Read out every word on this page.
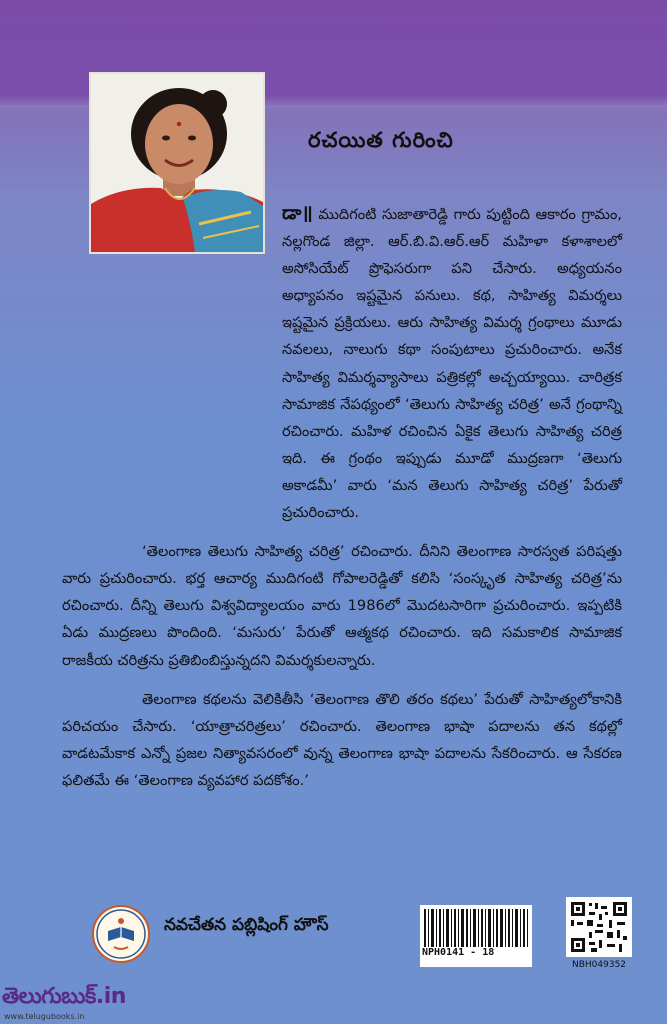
రచయిత గురించి

డా॥ ముదిగంటి సుజాతారెడ్డి గారు పుట్టింది ఆకారం గ్రామం, నల్లగొండ జిల్లా. ఆర్.బి.వి.ఆర్.ఆర్ మహిళా కళాశాలలో అసోసియేట్ ప్రొఫెసరుగా పని చేసారు. అధ్యయనం అధ్యాపనం ఇష్టమైన పనులు. కథ, సాహిత్య విమర్శలు ఇష్టమైన ప్రక్రియలు. ఆరు సాహిత్య విమర్శ గ్రంథాలు మూడు నవలలు, నాలుగు కథా సంపుటాలు ప్రచురించారు. అనేక సాహిత్య విమర్శవ్యాసాలు పత్రికల్లో అచ్చయ్యాయి. చారిత్రక సామాజిక నేపథ్యంలో ‘తెలుగు సాహిత్య చరిత్ర’ అనే గ్రంథాన్ని రచించారు. మహిళ రచించిన ఏకైక తెలుగు సాహిత్య చరిత్ర ఇది. ఈ గ్రంథం ఇప్పుడు మూడో ముద్రణగా ‘తెలుగు అకాడమీ’ వారు ‘మన తెలుగు సాహిత్య చరిత్ర’ పేరుతో ప్రచురించారు.

‘తెలంగాణ తెలుగు సాహిత్య చరిత్ర’ రచించారు. దీనిని తెలంగాణ సారస్వత పరిషత్తు వారు ప్రచురించారు. భర్త ఆచార్య ముదిగంటి గోపాలరెడ్డితో కలిసి ‘సంస్కృత సాహిత్య చరిత్ర’ను రచించారు. దీన్ని తెలుగు విశ్వవిద్యాలయం వారు 1986లో మొదటసారిగా ప్రచురించారు. ఇప్పటికి ఏడు ముద్రణలు పొందింది. ‘మసురు’ పేరుతో ఆత్మకథ రచించారు. ఇది సమకాలిక సామాజిక రాజకీయ చరిత్రను ప్రతిబింబిస్తున్నదని విమర్శకులన్నారు.

తెలంగాణ కథలను వెలికితీసి ‘తెలంగాణ తొలి తరం కథలు’ పేరుతో సాహిత్యలోకానికి పరిచయం చేసారు. ‘యాత్రాచరిత్రలు’ రచించారు. తెలంగాణ భాషా పదాలను తన కథల్లో వాడటమేకాక ఎన్నో ప్రజల నిత్యావసరంలో వున్న తెలంగాణ భాషా పదాలను సేకరించారు. ఆ సేకరణ ఫలితమే ఈ ‘తెలంగాణ వ్యవహార పదకోశం.’

నవచేతన పబ్లిషింగ్ హౌస్
NPH0141 - 18
NBH049352
తెలుగుబుక్.in
www.telugubooks.in
